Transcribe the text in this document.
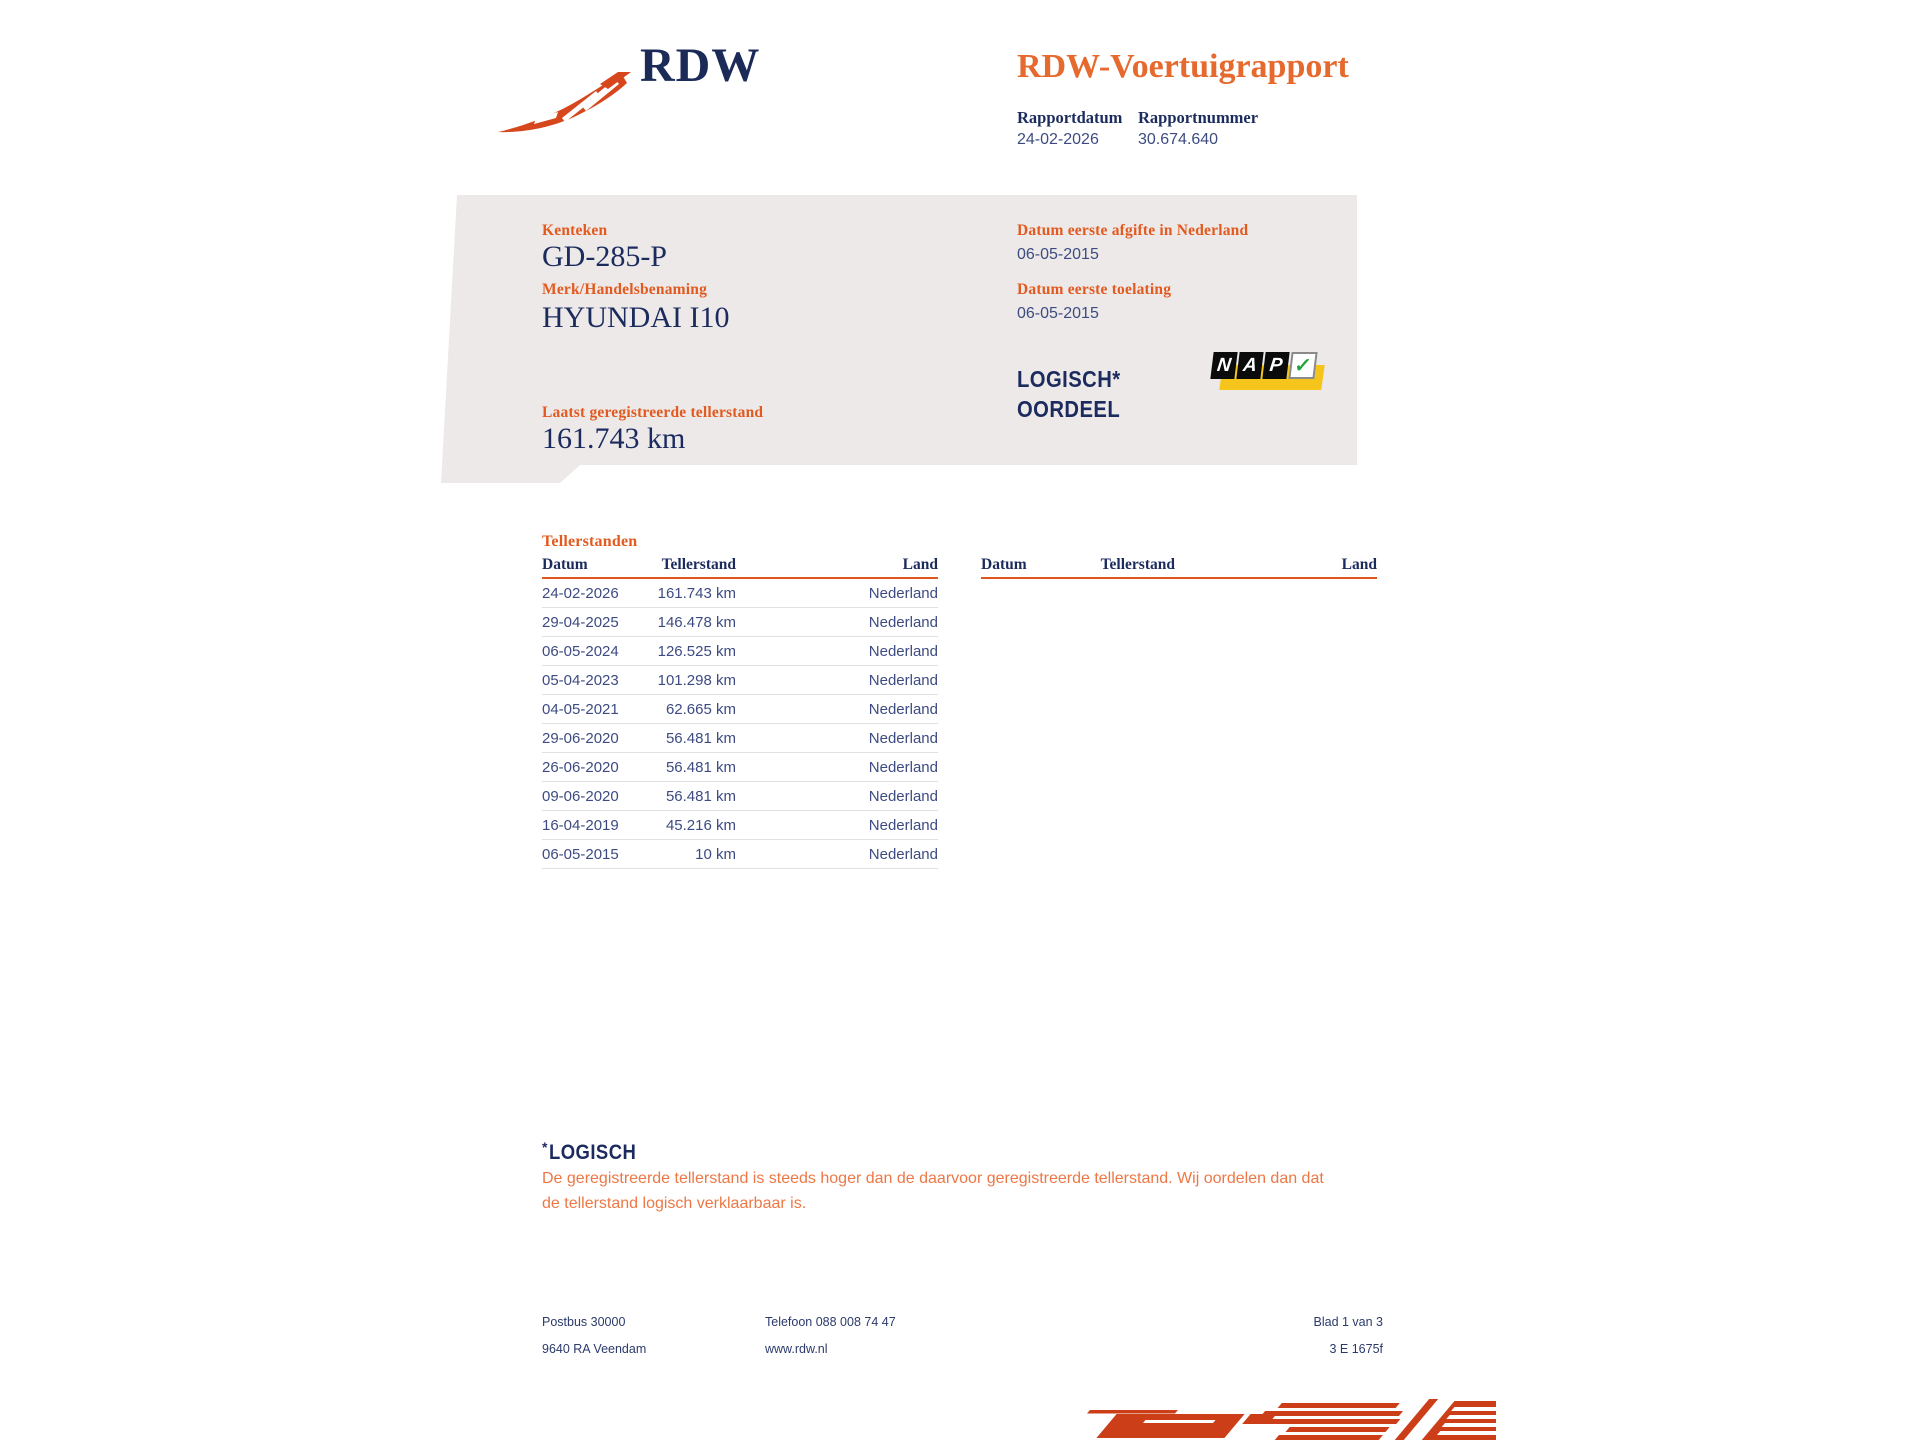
RDW	RDW-Voertuigrapport
Rapportdatum Rapportnummer
24-02-2026 30.674.640
Kenteken
GD-285-P
Merk/Handelsbenaming
HYUNDAI I10
Datum eerste afgifte in Nederland
06-05-2015
Datum eerste toelating
06-05-2015
LOGISCH*
OORDEEL
N A P ✓
Laatst geregistreerde tellerstand
161.743 km
Tellerstanden
Datum	Tellerstand	Land
24-02-2026	161.743 km	Nederland
29-04-2025	146.478 km	Nederland
06-05-2024	126.525 km	Nederland
05-04-2023	101.298 km	Nederland
04-05-2021	62.665 km	Nederland
29-06-2020	56.481 km	Nederland
26-06-2020	56.481 km	Nederland
09-06-2020	56.481 km	Nederland
16-04-2019	45.216 km	Nederland
06-05-2015	10 km	Nederland
Datum	Tellerstand	Land
*LOGISCH
De geregistreerde tellerstand is steeds hoger dan de daarvoor geregistreerde tellerstand. Wij oordelen dan dat de tellerstand logisch verklaarbaar is.
Postbus 30000
9640 RA Veendam
Telefoon 088 008 74 47
www.rdw.nl
Blad 1 van 3
3 E 1675f
